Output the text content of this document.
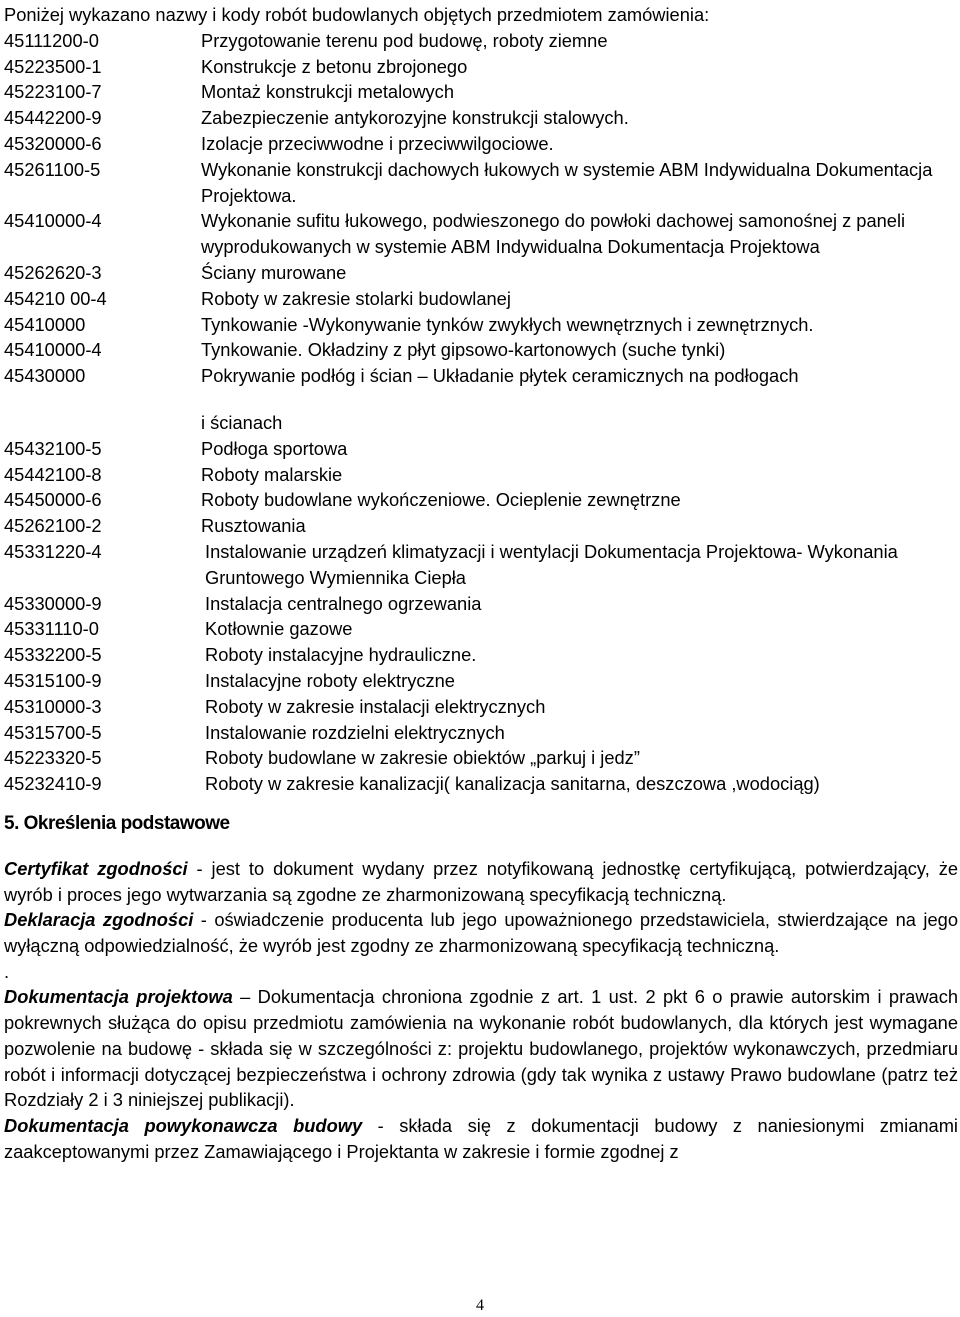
Poniżej wykazano nazwy i kody robót budowlanych objętych przedmiotem zamówienia:

45111200-0	Przygotowanie terenu pod budowę, roboty ziemne
45223500-1	Konstrukcje z betonu zbrojonego
45223100-7	Montaż konstrukcji metalowych
45442200-9	Zabezpieczenie antykorozyjne konstrukcji stalowych.
45320000-6	Izolacje przeciwwodne i przeciwwilgociowe.
45261100-5	Wykonanie konstrukcji dachowych łukowych w systemie ABM Indywidualna Dokumentacja Projektowa.
45410000-4	Wykonanie sufitu łukowego, podwieszonego do powłoki dachowej samonośnej z paneli wyprodukowanych w systemie ABM Indywidualna Dokumentacja Projektowa
45262620-3	Ściany murowane
454210 00-4	Roboty w zakresie stolarki budowlanej
45410000	Tynkowanie -Wykonywanie tynków zwykłych wewnętrznych i zewnętrznych.
45410000-4	Tynkowanie. Okładziny z płyt gipsowo-kartonowych (suche tynki)
45430000	Pokrywanie podłóg i ścian – Układanie płytek ceramicznych na podłogach
i ścianach
45432100-5	Podłoga sportowa
45442100-8	Roboty malarskie
45450000-6	Roboty budowlane wykończeniowe. Ocieplenie zewnętrzne
45262100-2	Rusztowania
45331220-4	Instalowanie urządzeń klimatyzacji i wentylacji Dokumentacja Projektowa- Wykonania Gruntowego Wymiennika Ciepła
45330000-9	Instalacja centralnego ogrzewania
45331110-0	Kotłownie gazowe
45332200-5	Roboty instalacyjne hydrauliczne.
45315100-9	Instalacyjne roboty elektryczne
45310000-3	Roboty w zakresie instalacji elektrycznych
45315700-5	Instalowanie rozdzielni elektrycznych
45223320-5	Roboty budowlane w zakresie obiektów „parkuj i jedz”
45232410-9	Roboty w zakresie kanalizacji( kanalizacja sanitarna, deszczowa ,wodociąg)
5. Określenia podstawowe

Certyfikat zgodności - jest to dokument wydany przez notyfikowaną jednostkę certyfikującą, potwierdzający, że wyrób i proces jego wytwarzania są zgodne ze zharmonizowaną specyfikacją techniczną.

Deklaracja zgodności - oświadczenie producenta lub jego upoważnionego przedstawiciela, stwierdzające na jego wyłączną odpowiedzialność, że wyrób jest zgodny ze zharmonizowaną specyfikacją techniczną.

.

Dokumentacja projektowa – Dokumentacja chroniona zgodnie z art. 1 ust. 2 pkt 6 o prawie autorskim i prawach pokrewnych służąca do opisu przedmiotu zamówienia na wykonanie robót budowlanych, dla których jest wymagane pozwolenie na budowę - składa się w szczególności z: projektu budowlanego, projektów wykonawczych, przedmiaru robót i informacji dotyczącej bezpieczeństwa i ochrony zdrowia (gdy tak wynika z ustawy Prawo budowlane (patrz też Rozdziały 2 i 3 niniejszej publikacji).

Dokumentacja powykonawcza budowy - składa się z dokumentacji budowy z naniesionymi zmianami zaakceptowanymi przez Zamawiającego i Projektanta w zakresie i formie zgodnej z

4
